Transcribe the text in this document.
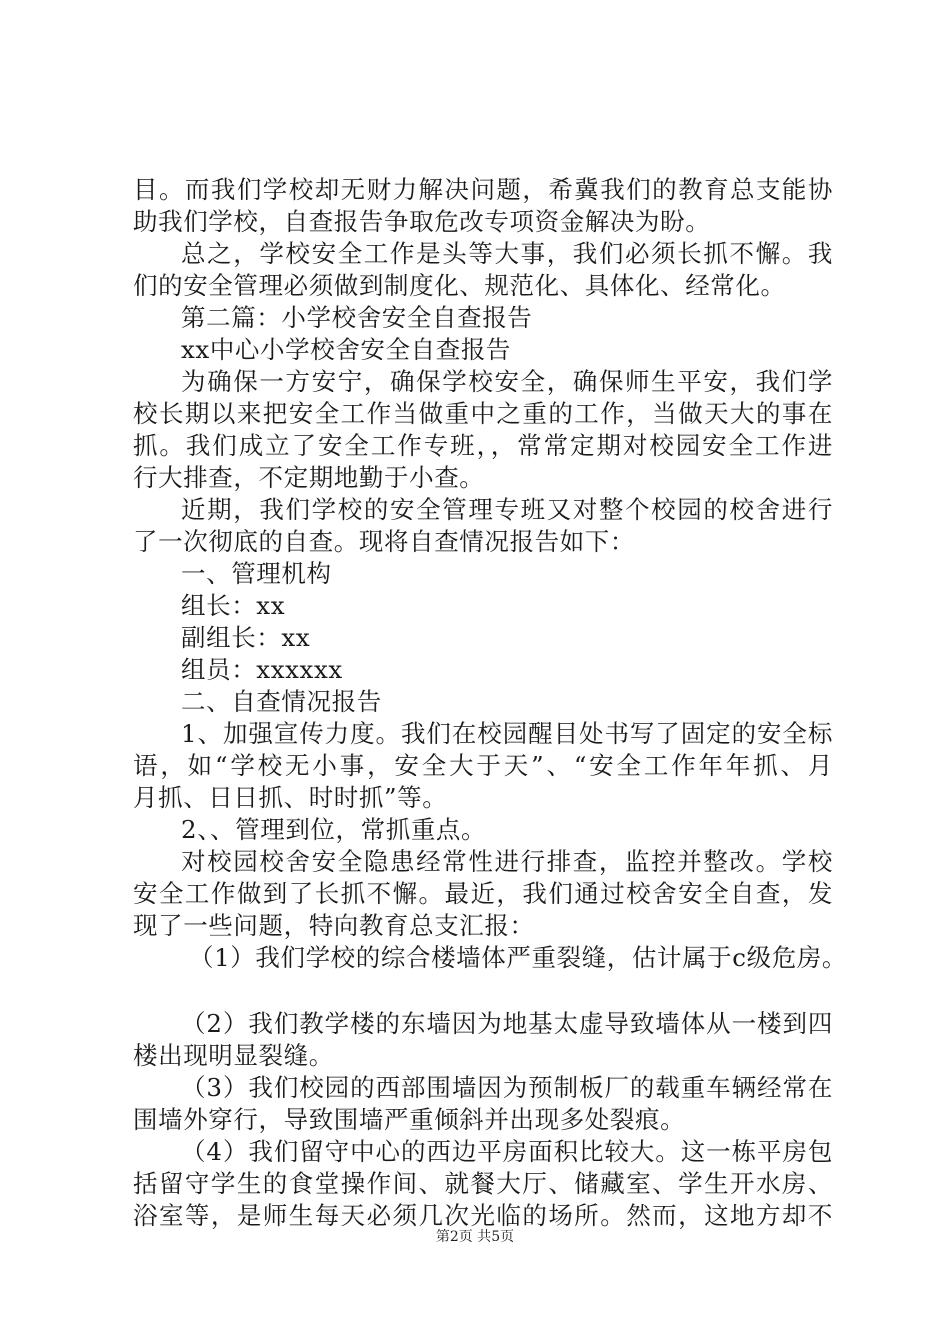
目。而我们学校却无财力解决问题，希冀我们的教育总支能协
助我们学校，自查报告争取危改专项资金解决为盼。
总之，学校安全工作是头等大事，我们必须长抓不懈。我
们的安全管理必须做到制度化、规范化、具体化、经常化。
第二篇：小学校舍安全自查报告
xx中心小学校舍安全自查报告
为确保一方安宁，确保学校安全，确保师生平安，我们学
校长期以来把安全工作当做重中之重的工作，当做天大的事在
抓。我们成立了安全工作专班，，常常定期对校园安全工作进
行大排查，不定期地勤于小查。
近期，我们学校的安全管理专班又对整个校园的校舍进行
了一次彻底的自查。现将自查情况报告如下：
一、管理机构
组长：xx
副组长：xx
组员：xxxxxx
二、自查情况报告
1、加强宣传力度。我们在校园醒目处书写了固定的安全标
语，如“学校无小事，安全大于天”、“安全工作年年抓、月
月抓、日日抓、时时抓”等。
2、、管理到位，常抓重点。
对校园校舍安全隐患经常性进行排查，监控并整改。学校
安全工作做到了长抓不懈。最近，我们通过校舍安全自查，发
现了一些问题，特向教育总支汇报：
（1）我们学校的综合楼墙体严重裂缝，估计属于c级危房。
（2）我们教学楼的东墙因为地基太虚导致墙体从一楼到四
楼出现明显裂缝。
（3）我们校园的西部围墙因为预制板厂的载重车辆经常在
围墙外穿行，导致围墙严重倾斜并出现多处裂痕。
（4）我们留守中心的西边平房面积比较大。这一栋平房包
括留守学生的食堂操作间、就餐大厅、储藏室、学生开水房、
浴室等，是师生每天必须几次光临的场所。然而，这地方却不
第2页 共5页
